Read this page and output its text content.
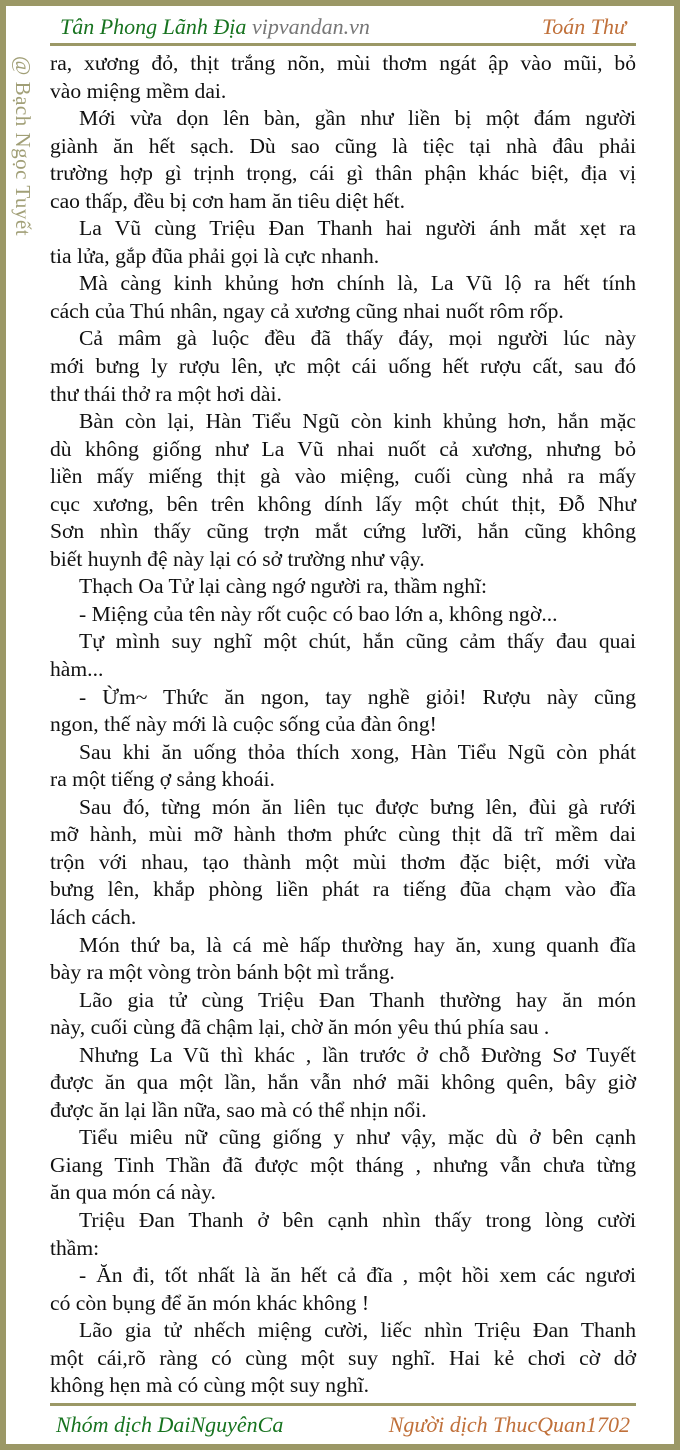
Tân Phong Lãnh Địa vipvandan.vn	Toán Thư
@ Bạch Ngọc Tuyết ra, xương đỏ, thịt trắng nõn, mùi thơm ngát ập vào mũi, bỏ
vào miệng mềm dai.
Mới vừa dọn lên bàn, gần như liền bị một đám người
giành ăn hết sạch. Dù sao cũng là tiệc tại nhà đâu phải
trường hợp gì trịnh trọng, cái gì thân phận khác biệt, địa vị
cao thấp, đều bị cơn ham ăn tiêu diệt hết.
La Vũ cùng Triệu Đan Thanh hai người ánh mắt xẹt ra
tia lửa, gắp đũa phải gọi là cực nhanh.
Mà càng kinh khủng hơn chính là, La Vũ lộ ra hết tính
cách của Thú nhân, ngay cả xương cũng nhai nuốt rôm rốp.
Cả mâm gà luộc đều đã thấy đáy, mọi người lúc này
mới bưng ly rượu lên, ực một cái uống hết rượu cất, sau đó
thư thái thở ra một hơi dài.
Bàn còn lại, Hàn Tiểu Ngũ còn kinh khủng hơn, hắn mặc
dù không giống như La Vũ nhai nuốt cả xương, nhưng bỏ
liền mấy miếng thịt gà vào miệng, cuối cùng nhả ra mấy
cục xương, bên trên không dính lấy một chút thịt, Đỗ Như
Sơn nhìn thấy cũng trợn mắt cứng lưỡi, hắn cũng không
biết huynh đệ này lại có sở trường như vậy.
Thạch Oa Tử lại càng ngớ người ra, thầm nghĩ:
- Miệng của tên này rốt cuộc có bao lớn a, không ngờ...
Tự mình suy nghĩ một chút, hắn cũng cảm thấy đau quai
hàm...
- Ừm~ Thức ăn ngon, tay nghề giỏi! Rượu này cũng
ngon, thế này mới là cuộc sống của đàn ông!
Sau khi ăn uống thỏa thích xong, Hàn Tiểu Ngũ còn phát
ra một tiếng ợ sảng khoái.
Sau đó, từng món ăn liên tục được bưng lên, đùi gà rưới
mỡ hành, mùi mỡ hành thơm phức cùng thịt dã trĩ mềm dai
trộn với nhau, tạo thành một mùi thơm đặc biệt, mới vừa
bưng lên, khắp phòng liền phát ra tiếng đũa chạm vào đĩa
lách cách.
Món thứ ba, là cá mè hấp thường hay ăn, xung quanh đĩa
bày ra một vòng tròn bánh bột mì trắng.
Lão gia tử cùng Triệu Đan Thanh thường hay ăn món
này, cuối cùng đã chậm lại, chờ ăn món yêu thú phía sau .
Nhưng La Vũ thì khác , lần trước ở chỗ Đường Sơ Tuyết
được ăn qua một lần, hắn vẫn nhớ mãi không quên, bây giờ
được ăn lại lần nữa, sao mà có thể nhịn nổi.
Tiểu miêu nữ cũng giống y như vậy, mặc dù ở bên cạnh
Giang Tinh Thần đã được một tháng , nhưng vẫn chưa từng
ăn qua món cá này.
Triệu Đan Thanh ở bên cạnh nhìn thấy trong lòng cười
thầm:
- Ăn đi, tốt nhất là ăn hết cả đĩa , một hồi xem các ngươi
có còn bụng để ăn món khác không !
Lão gia tử nhếch miệng cười, liếc nhìn Triệu Đan Thanh
một cái,rõ ràng có cùng một suy nghĩ. Hai kẻ chơi cờ dở
không hẹn mà có cùng một suy nghĩ.
Nhóm dịch DaiNguyênCa	Người dịch ThucQuan1702
